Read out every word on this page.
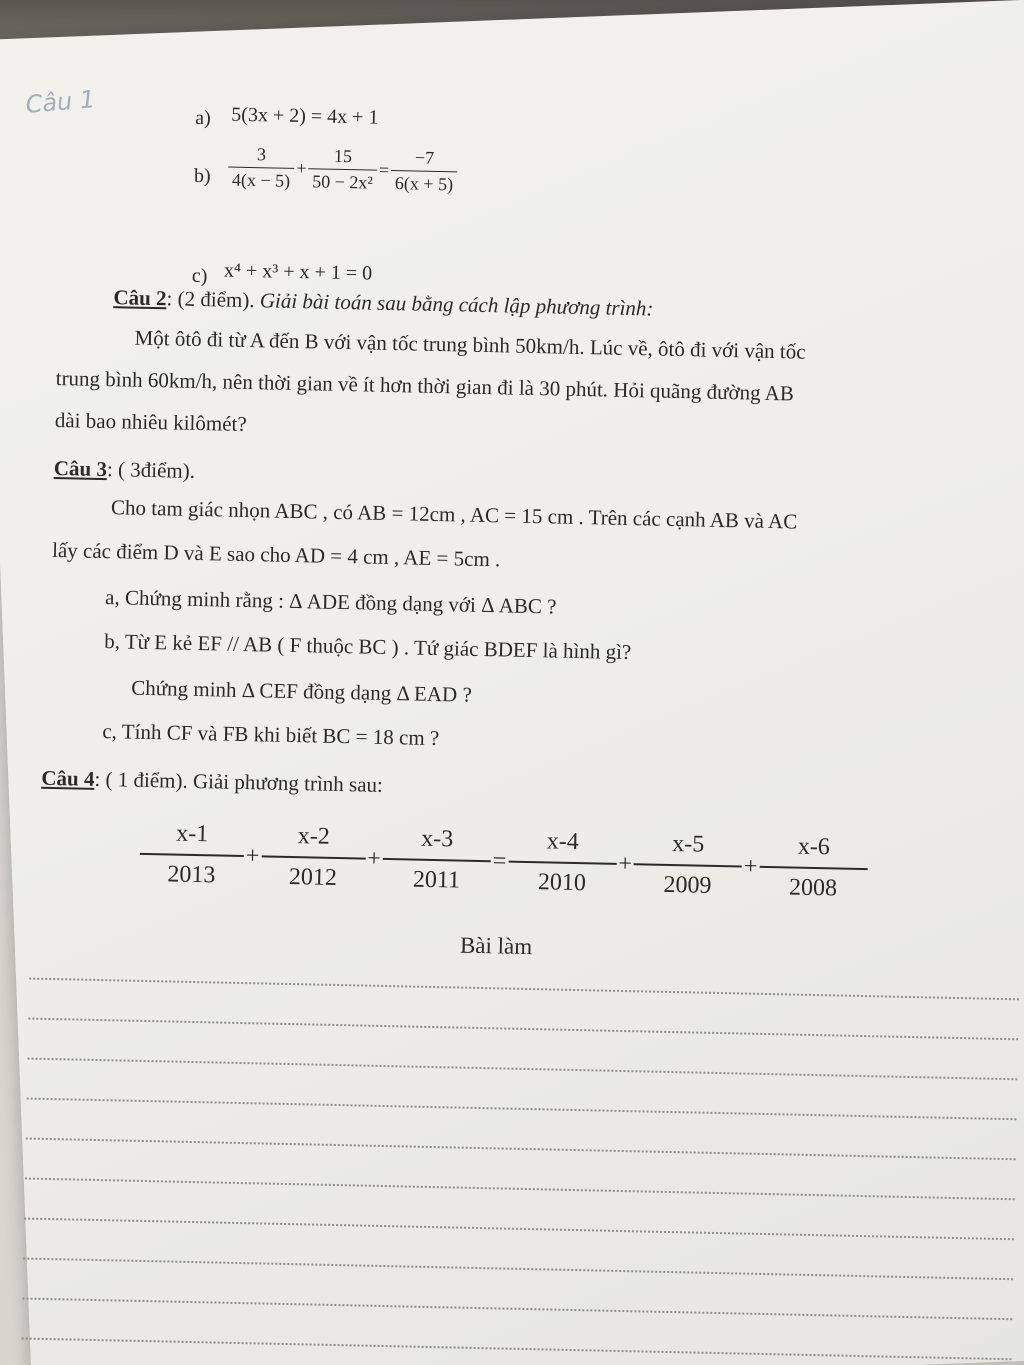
Câu 1	a) 5(3x + 2) = 4x + 1
$b) \frac{3}{4(x - 5)} + \frac{15}{\text{50 − 2x²}} = \frac{-7}{6(x + 5)}$
c) x⁴ + x³ + x + 1 = 0
Câu 2: (2 điểm). Giải bài toán sau bằng cách lập phương trình:
Một ôtô đi từ A đến B với vận tốc trung bình 50km/h. Lúc về, ôtô đi với vận tốc
trung bình 60km/h, nên thời gian về ít hơn thời gian đi là 30 phút. Hỏi quãng đường AB
dài bao nhiêu kilômét?
Câu 3: ( 3điểm).
Cho tam giác nhọn ABC , có AB = 12cm , AC = 15 cm . Trên các cạnh AB và AC
lấy các điểm D và E sao cho AD = 4 cm , AE = 5cm .
a, Chứng minh rằng : Δ ADE đồng dạng với Δ ABC ?
b, Từ E kẻ EF // AB ( F thuộc BC ) . Tứ giác BDEF là hình gì?
Chứng minh Δ CEF đồng dạng Δ EAD ?
c, Tính CF và FB khi biết BC = 18 cm ?
Câu 4: ( 1 điểm). Giải phương trình sau:
$\frac{x-1}{2013} + \frac{x-2}{2012} + \frac{x-3}{2011} = \frac{x-4}{2010} + \frac{x-5}{2009} + \frac{x-6}{2008}$
Bài làm
